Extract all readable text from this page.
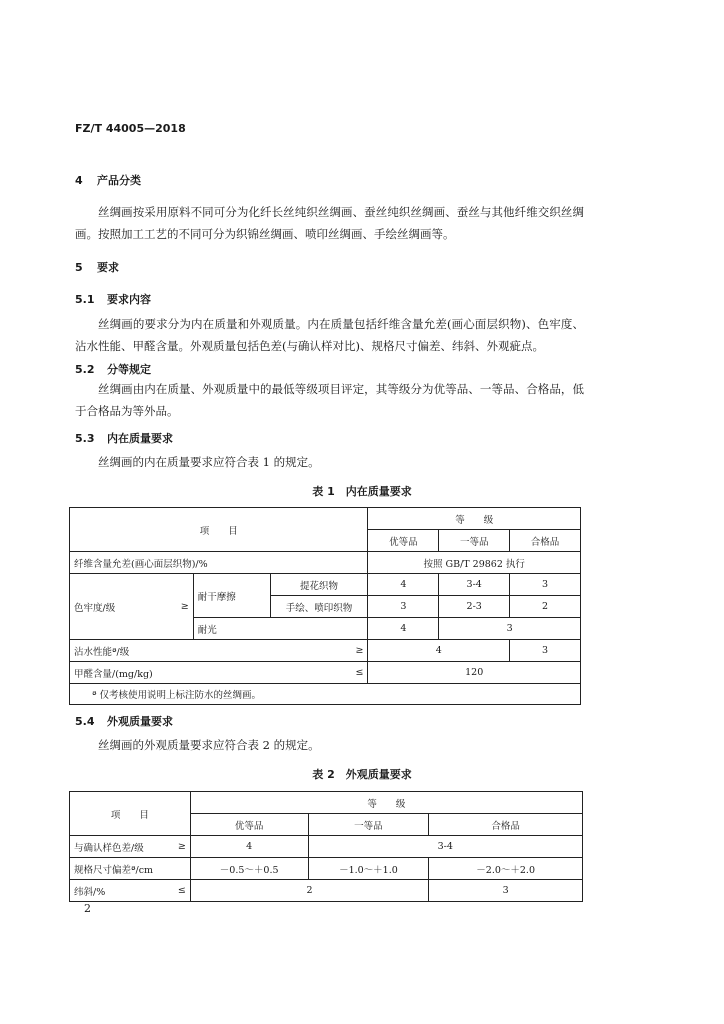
FZ/T 44005—2018
4 产品分类

丝绸画按采用原料不同可分为化纤长丝纯织丝绸画、蚕丝纯织丝绸画、蚕丝与其他纤维交织丝绸画。按照加工工艺的不同可分为织锦丝绸画、喷印丝绸画、手绘丝绸画等。

5 要求
5.1 要求内容

丝绸画的要求分为内在质量和外观质量。内在质量包括纤维含量允差(画心面层织物)、色牢度、沾水性能、甲醛含量。外观质量包括色差(与确认样对比)、规格尺寸偏差、纬斜、外观疵点。

5.2 分等规定

丝绸画由内在质量、外观质量中的最低等级项目评定，其等级分为优等品、一等品、合格品，低于合格品为等外品。

5.3 内在质量要求

丝绸画的内在质量要求应符合表 1 的规定。

表 1　内在质量要求
项　　目			等　　级		
			优等品	一等品	合格品
纤维含量允差(画心面层织物)/%			按照 GB/T 29862 执行		

色牢度/级 ≥	耐干摩擦	提花织物	4	3-4	3
		手绘、喷印织物	3	2-3	2
	耐光		4	3	

沾水性能ª/级 ≥			4		3

甲醛含量/(mg/kg) ≤			120		
ª 仅考核使用说明上标注防水的丝绸画。					
5.4 外观质量要求

丝绸画的外观质量要求应符合表 2 的规定。

表 2　外观质量要求
项　　目	等　　级		
	优等品	一等品	合格品

与确认样色差/级 ≥	4	3-4	
规格尺寸偏差ª/cm	－0.5～＋0.5	－1.0～＋1.0	－2.0～＋2.0

纬斜/% ≤	2		3
2
